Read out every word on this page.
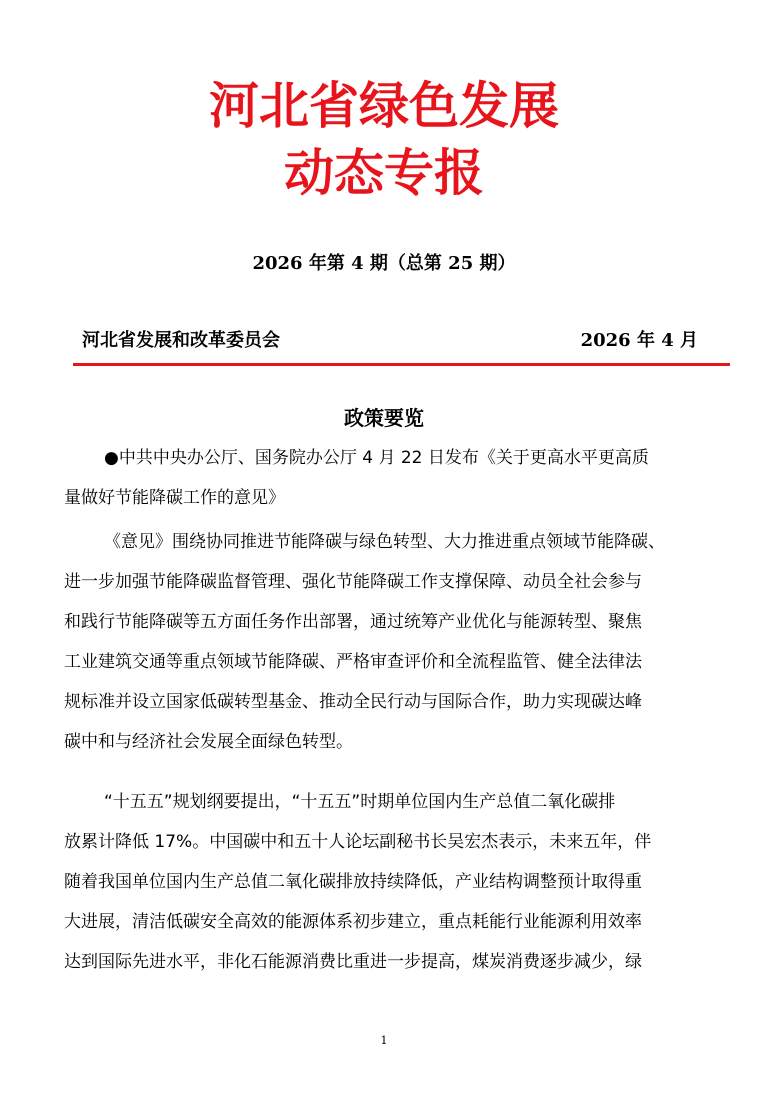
河北省绿色发展
动态专报
2026 年第 4 期（总第 25 期）
河北省发展和改革委员会	2026 年 4 月
政策要览
●中共中央办公厅、国务院办公厅 4 月 22 日发布《关于更高水平更高质
量做好节能降碳工作的意见》
《意见》围绕协同推进节能降碳与绿色转型、大力推进重点领域节能降碳、
进一步加强节能降碳监督管理、强化节能降碳工作支撑保障、动员全社会参与
和践行节能降碳等五方面任务作出部署，通过统筹产业优化与能源转型、聚焦
工业建筑交通等重点领域节能降碳、严格审查评价和全流程监管、健全法律法
规标准并设立国家低碳转型基金、推动全民行动与国际合作，助力实现碳达峰
碳中和与经济社会发展全面绿色转型。
“十五五”规划纲要提出，“十五五”时期单位国内生产总值二氧化碳排
放累计降低 17%。中国碳中和五十人论坛副秘书长吴宏杰表示，未来五年，伴
随着我国单位国内生产总值二氧化碳排放持续降低，产业结构调整预计取得重
大进展，清洁低碳安全高效的能源体系初步建立，重点耗能行业能源利用效率
达到国际先进水平，非化石能源消费比重进一步提高，煤炭消费逐步减少，绿
1
